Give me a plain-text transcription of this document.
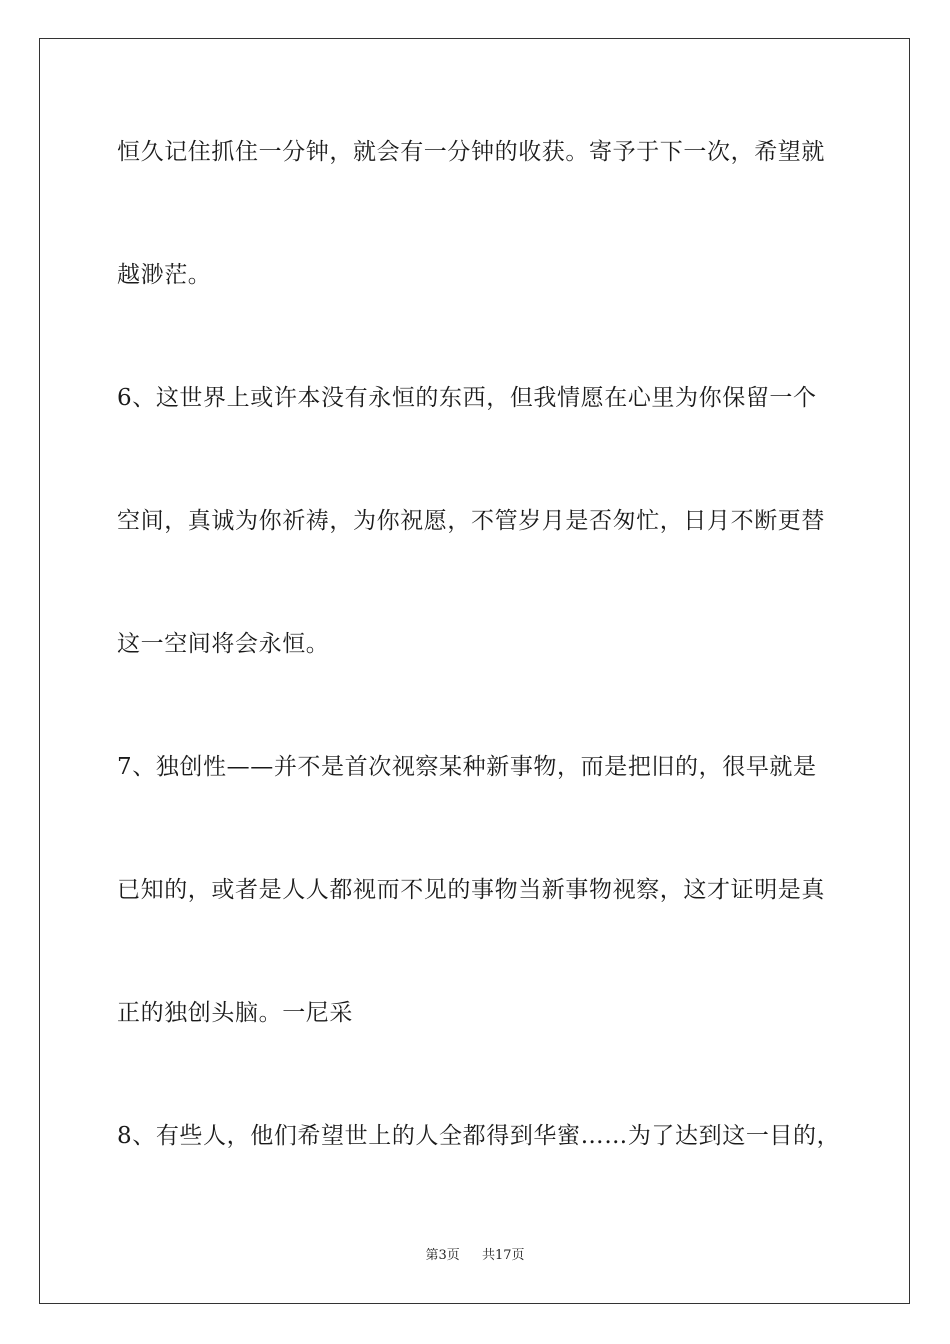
恒久记住抓住一分钟，就会有一分钟的收获。寄予于下一次，希望就
越渺茫。
6、这世界上或许本没有永恒的东西，但我情愿在心里为你保留一个
空间，真诚为你祈祷，为你祝愿，不管岁月是否匆忙，日月不断更替
这一空间将会永恒。
7、独创性——并不是首次视察某种新事物，而是把旧的，很早就是
已知的，或者是人人都视而不见的事物当新事物视察，这才证明是真
正的独创头脑。一尼采
8、有些人，他们希望世上的人全都得到华蜜……为了达到这一目的，
第3页 共17页
